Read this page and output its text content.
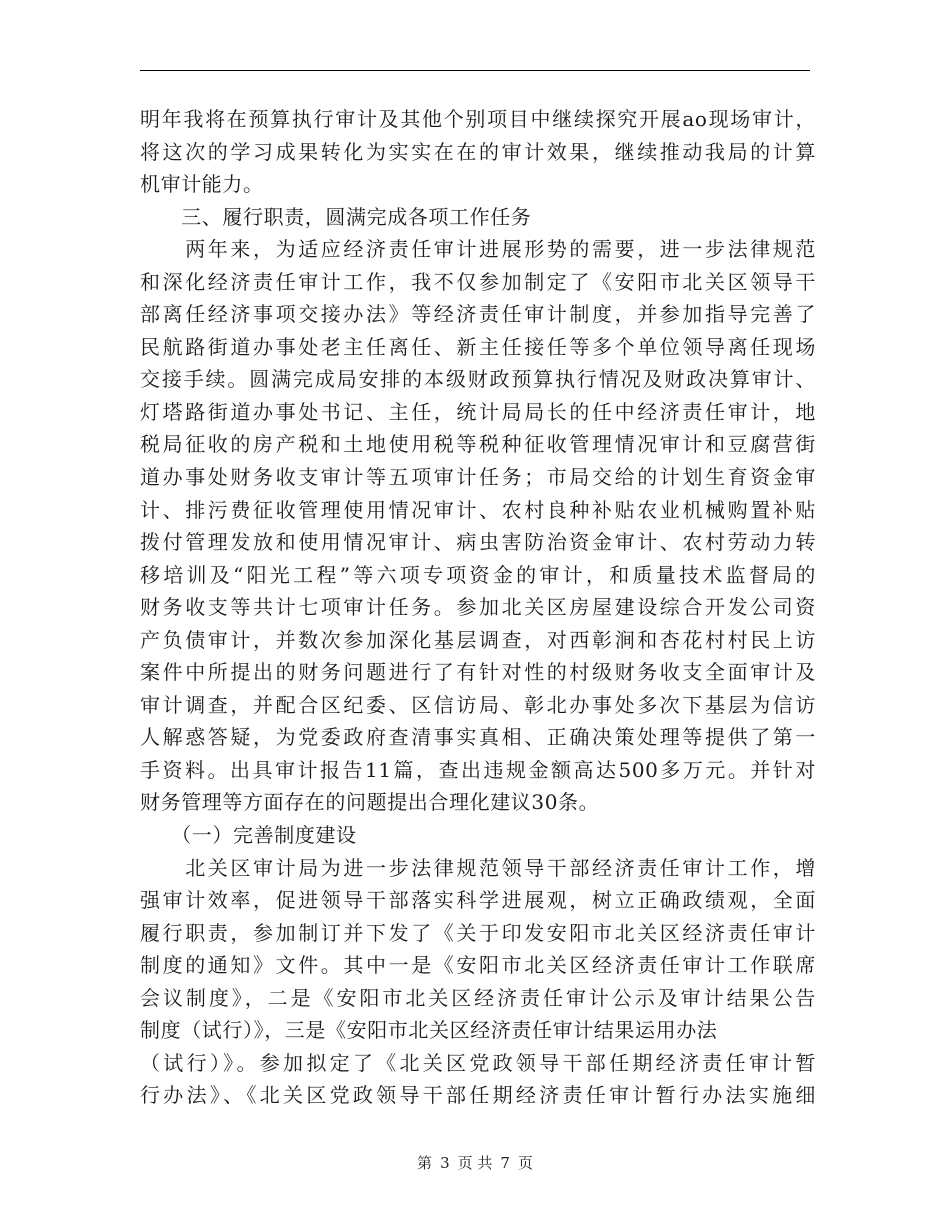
明年我将在预算执行审计及其他个别项目中继续探究开展ao现场审计，
将这次的学习成果转化为实实在在的审计效果，继续推动我局的计算
机审计能力。
　　三、履行职责，圆满完成各项工作任务
　　两年来，为适应经济责任审计进展形势的需要，进一步法律规范
和深化经济责任审计工作，我不仅参加制定了《安阳市北关区领导干
部离任经济事项交接办法》等经济责任审计制度，并参加指导完善了
民航路街道办事处老主任离任、新主任接任等多个单位领导离任现场
交接手续。圆满完成局安排的本级财政预算执行情况及财政决算审计、
灯塔路街道办事处书记、主任，统计局局长的任中经济责任审计，地
税局征收的房产税和土地使用税等税种征收管理情况审计和豆腐营街
道办事处财务收支审计等五项审计任务；市局交给的计划生育资金审
计、排污费征收管理使用情况审计、农村良种补贴农业机械购置补贴
拨付管理发放和使用情况审计、病虫害防治资金审计、农村劳动力转
移培训及“阳光工程”等六项专项资金的审计，和质量技术监督局的
财务收支等共计七项审计任务。参加北关区房屋建设综合开发公司资
产负债审计，并数次参加深化基层调查，对西彰涧和杏花村村民上访
案件中所提出的财务问题进行了有针对性的村级财务收支全面审计及
审计调查，并配合区纪委、区信访局、彰北办事处多次下基层为信访
人解惑答疑，为党委政府查清事实真相、正确决策处理等提供了第一
手资料。出具审计报告11篇，查出违规金额高达500多万元。并针对
财务管理等方面存在的问题提出合理化建议30条。
　　（一）完善制度建设
　　北关区审计局为进一步法律规范领导干部经济责任审计工作，增
强审计效率，促进领导干部落实科学进展观，树立正确政绩观，全面
履行职责，参加制订并下发了《关于印发安阳市北关区经济责任审计
制度的通知》文件。其中一是《安阳市北关区经济责任审计工作联席
会议制度》，二是《安阳市北关区经济责任审计公示及审计结果公告
制度（试行）》，三是《安阳市北关区经济责任审计结果运用办法
（试行）》。参加拟定了《北关区党政领导干部任期经济责任审计暂
行办法》、《北关区党政领导干部任期经济责任审计暂行办法实施细
第 3 页 共 7 页
